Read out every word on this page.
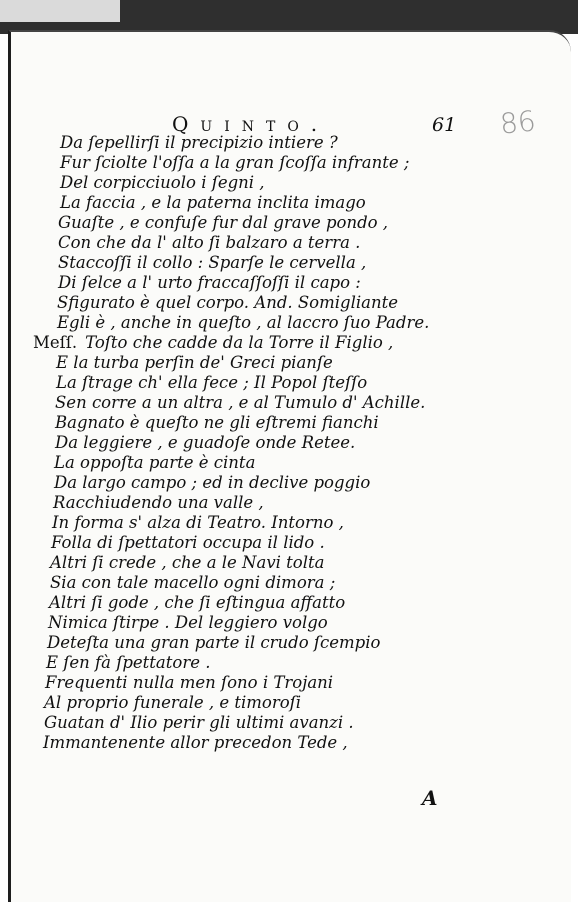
Quinto.	61 86
Da ſepellirſi il precipizio intiere ?
Fur ſciolte l'oſſa a la gran ſcoſſa infrante ;
Del corpicciuolo i ſegni ,
La faccia , e la paterna inclita imago
Guaſte , e confuſe fur dal grave pondo ,
Con che da l' alto ſi balzaro a terra .
Staccoſſi il collo : Sparſe le cervella ,
Di ſelce a l' urto fraccaſſoſſi il capo :
Sfigurato è quel corpo. And. Somigliante
Egli è , anche in queſto , al laccro ſuo Padre.
Meſſ. Toſto che cadde da la Torre il Figlio ,
E la turba perſin de' Greci pianſe
La ſtrage ch' ella fece ; Il Popol ſteſſo
Sen corre a un altra , e al Tumulo d' Achille.
Bagnato è queſto ne gli eſtremi fianchi
Da leggiere , e guadoſe onde Retee.
La oppoſta parte è cinta
Da largo campo ; ed in declive poggio
Racchiudendo una valle ,
In forma s' alza di Teatro. Intorno ,
Folla di ſpettatori occupa il lido .
Altri ſi crede , che a le Navi tolta
Sia con tale macello ogni dimora ;
Altri ſi gode , che ſi eſtingua affatto
Nimica ſtirpe . Del leggiero volgo
Deteſta una gran parte il crudo ſcempio
E ſen fà ſpettatore .
Frequenti nulla men ſono i Trojani
Al proprio funerale , e timoroſi
Guatan d' Ilio perir gli ultimi avanzi .
Immantenente allor precedon Tede ,
A
